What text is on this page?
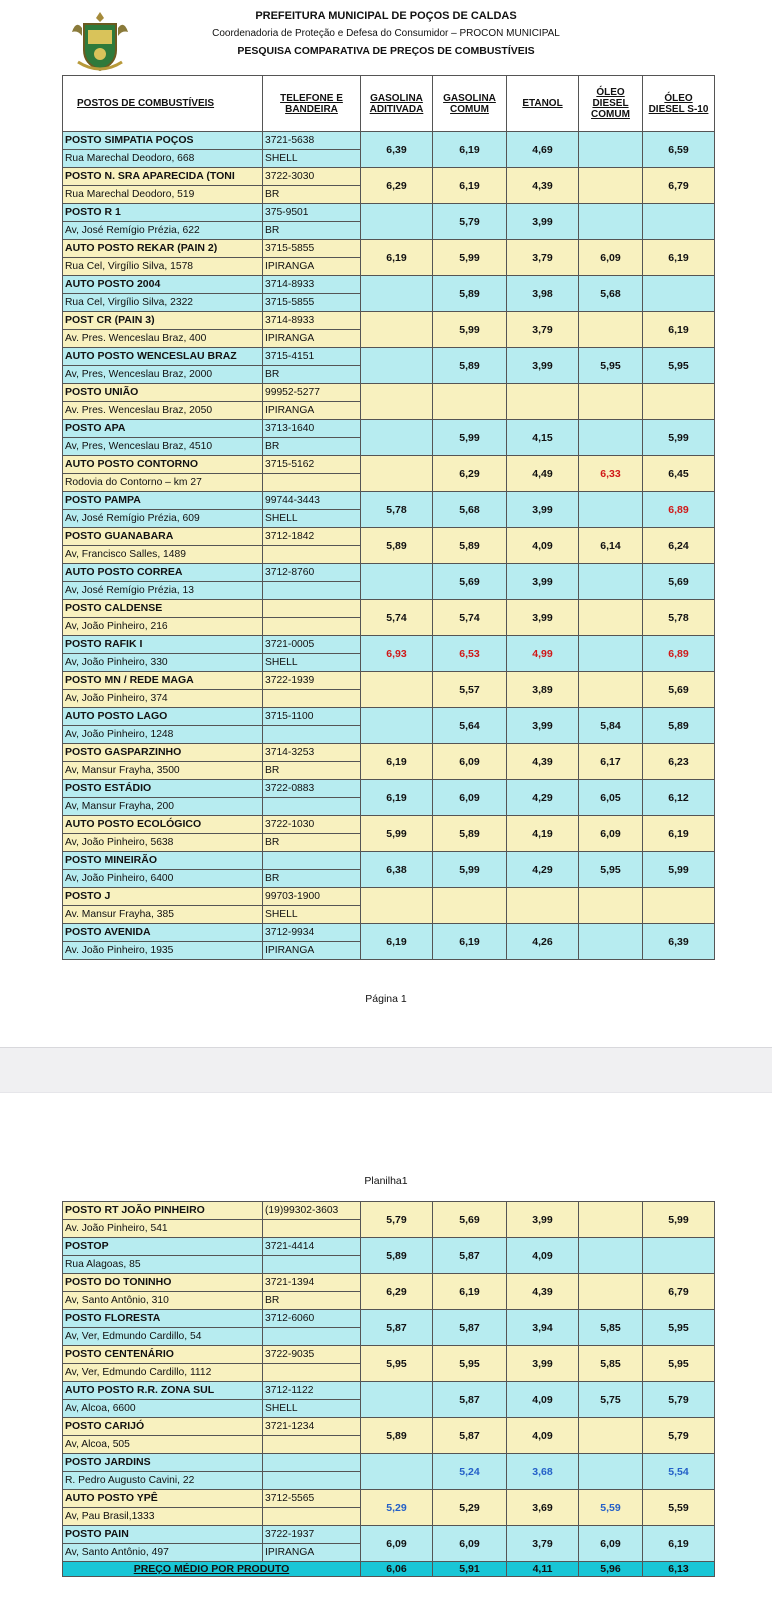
PREFEITURA MUNICIPAL DE POÇOS DE CALDAS
Coordenadoria de Proteção e Defesa do Consumidor – PROCON MUNICIPAL
PESQUISA COMPARATIVA DE PREÇOS DE COMBUSTÍVEIS
POSTOS DE COMBUSTÍVEIS	TELEFONE E BANDEIRA	GASOLINA ADITIVADA	GASOLINA COMUM	ETANOL	ÓLEO DIESEL COMUM	ÓLEO DIESEL S-10
POSTO SIMPATIA POÇOS	3721-5638	6,39	6,19	4,69		6,59
Rua Marechal Deodoro, 668	SHELL					
POSTO N. SRA APARECIDA (TONI	3722-3030	6,29	6,19	4,39		6,79
Rua Marechal Deodoro, 519	BR					
POSTO R 1	375-9501		5,79	3,99		
Av, José Remígio Prézia, 622	BR					
AUTO POSTO REKAR (PAIN 2)	3715-5855	6,19	5,99	3,79	6,09	6,19
Rua Cel, Virgílio Silva, 1578	IPIRANGA					
AUTO POSTO 2004	3714-8933		5,89	3,98	5,68	
Rua Cel, Virgílio Silva, 2322	3715-5855					
POST CR (PAIN 3)	3714-8933		5,99	3,79		6,19
Av. Pres. Wenceslau Braz, 400	IPIRANGA					
AUTO POSTO WENCESLAU BRAZ	3715-4151		5,89	3,99	5,95	5,95
Av, Pres, Wenceslau Braz, 2000	BR					
POSTO UNIÃO	99952-5277					
Av. Pres. Wenceslau Braz, 2050	IPIRANGA					
POSTO APA	3713-1640		5,99	4,15		5,99
Av, Pres, Wenceslau Braz, 4510	BR					
AUTO POSTO CONTORNO	3715-5162		6,29	4,49	6,33	6,45
Rodovia do Contorno – km 27						
POSTO PAMPA	99744-3443	5,78	5,68	3,99		6,89
Av, José Remígio Prézia, 609	SHELL					
POSTO GUANABARA	3712-1842	5,89	5,89	4,09	6,14	6,24
Av, Francisco Salles, 1489						
AUTO POSTO CORREA	3712-8760		5,69	3,99		5,69
Av, José Remígio Prézia, 13						
POSTO CALDENSE		5,74	5,74	3,99		5,78
Av, João Pinheiro, 216						
POSTO RAFIK I	3721-0005	6,93	6,53	4,99		6,89
Av, João Pinheiro, 330	SHELL					
POSTO MN / REDE MAGA	3722-1939		5,57	3,89		5,69
Av, João Pinheiro, 374						
AUTO POSTO LAGO	3715-1100		5,64	3,99	5,84	5,89
Av, João Pinheiro, 1248						
POSTO GASPARZINHO	3714-3253	6,19	6,09	4,39	6,17	6,23
Av, Mansur Frayha, 3500	BR					
POSTO ESTÁDIO	3722-0883	6,19	6,09	4,29	6,05	6,12
Av, Mansur Frayha, 200						
AUTO POSTO ECOLÓGICO	3722-1030	5,99	5,89	4,19	6,09	6,19
Av, João Pinheiro, 5638	BR					
POSTO MINEIRÃO		6,38	5,99	4,29	5,95	5,99
Av, João Pinheiro, 6400	BR					
POSTO J	99703-1900					
Av. Mansur Frayha, 385	SHELL					
POSTO AVENIDA	3712-9934	6,19	6,19	4,26		6,39
Av. João Pinheiro, 1935	IPIRANGA					
Página 1
Planilha1
POSTO RT JOÃO PINHEIRO	(19)99302-3603	5,79	5,69	3,99		5,99
Av. João Pinheiro, 541						
POSTOP	3721-4414	5,89	5,87	4,09		
Rua Alagoas, 85						
POSTO DO TONINHO	3721-1394	6,29	6,19	4,39		6,79
Av, Santo Antônio, 310	BR					
POSTO FLORESTA	3712-6060	5,87	5,87	3,94	5,85	5,95
Av, Ver, Edmundo Cardillo, 54						
POSTO CENTENÁRIO	3722-9035	5,95	5,95	3,99	5,85	5,95
Av, Ver, Edmundo Cardillo, 1112						
AUTO POSTO R.R. ZONA SUL	3712-1122		5,87	4,09	5,75	5,79
Av, Alcoa, 6600	SHELL					
POSTO CARIJÓ	3721-1234	5,89	5,87	4,09		5,79
Av, Alcoa, 505						
POSTO JARDINS			5,24	3,68		5,54
R. Pedro Augusto Cavini, 22						
AUTO POSTO YPÊ	3712-5565	5,29	5,29	3,69	5,59	5,59
Av, Pau Brasil,1333						
POSTO PAIN	3722-1937	6,09	6,09	3,79	6,09	6,19
Av, Santo Antônio, 497	IPIRANGA					
PREÇO MÉDIO POR PRODUTO		6,06	5,91	4,11	5,96	6,13
